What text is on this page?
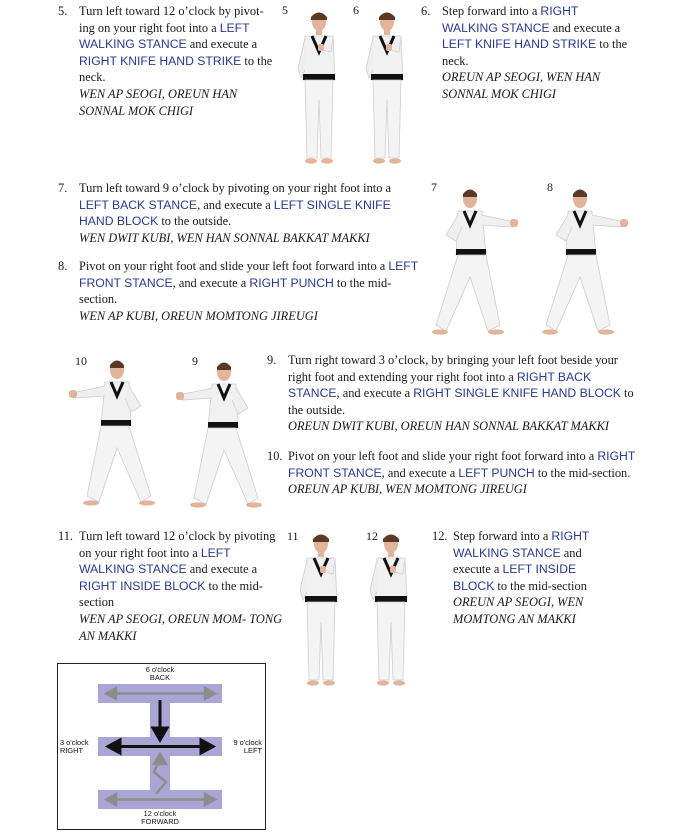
5. Turn left toward 12 o’clock by pivot- ing on your right foot into a LEFT WALKING STANCE and execute a RIGHT KNIFE HAND STRIKE to the neck.
WEN AP SEOGI, OREUN HAN SONNAL MOK CHIGI
6. Step forward into a RIGHT WALKING STANCE and execute a LEFT KNIFE HAND STRIKE to the neck.
OREUN AP SEOGI, WEN HAN SONNAL MOK CHIGI
7. Turn left toward 9 o’clock by pivoting on your right foot into a LEFT BACK STANCE, and execute a LEFT SINGLE KNIFE HAND BLOCK to the outside.
WEN DWIT KUBI, WEN HAN SONNAL BAKKAT MAKKI
8. Pivot on your right foot and slide your left foot forward into a LEFT FRONT STANCE, and execute a RIGHT PUNCH to the mid-section.
WEN AP KUBI, OREUN MOMTONG JIREUGI
9. Turn right toward 3 o’clock, by bringing your left foot beside your right foot and extending your right foot into a RIGHT BACK STANCE, and execute a RIGHT SINGLE KNIFE HAND BLOCK to the outside.
OREUN DWIT KUBI, OREUN HAN SONNAL BAKKAT MAKKI
10. Pivot on your left foot and slide your right foot forward into a RIGHT FRONT STANCE, and execute a LEFT PUNCH to the mid-section.
OREUN AP KUBI, WEN MOMTONG JIREUGI
11. Turn left toward 12 o’clock by pivoting on your right foot into a LEFT WALKING STANCE and execute a RIGHT INSIDE BLOCK to the mid-section
WEN AP SEOGI, OREUN MOM- TONG AN MAKKI
12. Step forward into a RIGHT WALKING STANCE and execute a LEFT INSIDE BLOCK to the mid-section
OREUN AP SEOGI, WEN MOMTONG AN MAKKI
5	6
7	8
10	9
11	12
6 o'clock
BACK
3 o'clock
RIGHT
9 o'clock
LEFT
12 o'clock
FORWARD
